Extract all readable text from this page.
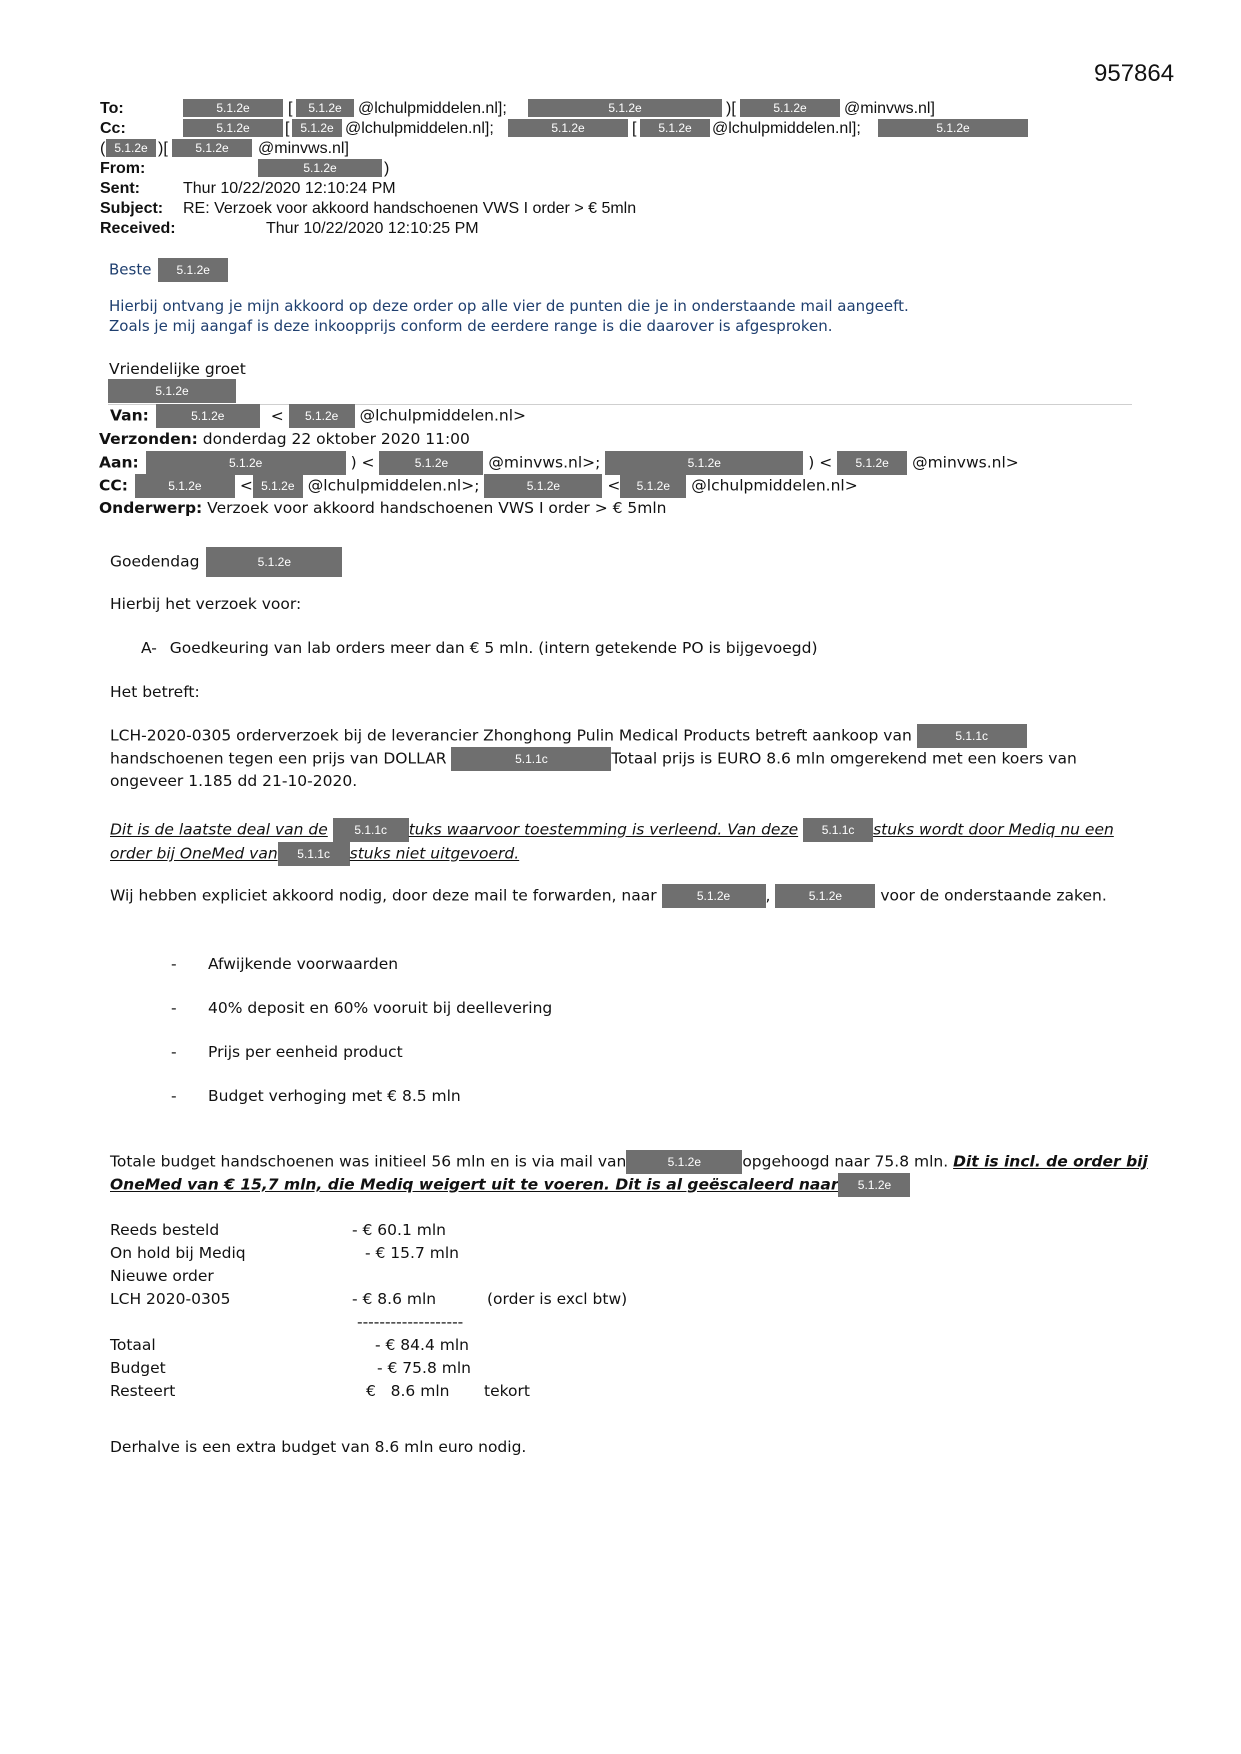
957864
To:	5.1.2e	[	5.1.2e	@lchulpmiddelen.nl];	5.1.2e	)[	5.1.2e	@minvws.nl]
Cc:	5.1.2e	[ 5.1.2e @lchulpmiddelen.nl];	5.1.2e	[	5.1.2e	@lchulpmiddelen.nl];	5.1.2e
( 5.1.2e )[	5.1.2e	@minvws.nl]
From:	5.1.2e	)
Sent:	Thur 10/22/2020 12:10:24 PM
Subject: RE: Verzoek voor akkoord handschoenen VWS I order > € 5mln
Received:	Thur 10/22/2020 12:10:25 PM
Beste 5.1.2e
Hierbij ontvang je mijn akkoord op deze order op alle vier de punten die je in onderstaande mail aangeeft.
Zoals je mij aangaf is deze inkoopprijs conform de eerdere range is die daarover is afgesproken.
Vriendelijke groet
5.1.2e
Van:	5.1.2e	< 5.1.2e @lchulpmiddelen.nl>
Verzonden: donderdag 22 oktober 2020 11:00
Aan:	5.1.2e	) <	5.1.2e	@minvws.nl>;	5.1.2e	) < 5.1.2e @minvws.nl>
CC:	5.1.2e < 5.1.2e @lchulpmiddelen.nl>;	5.1.2e	< 5.1.2e @lchulpmiddelen.nl>
Onderwerp: Verzoek voor akkoord handschoenen VWS I order > € 5mln
Goedendag	5.1.2e
Hierbij het verzoek voor:
A- Goedkeuring van lab orders meer dan € 5 mln. (intern getekende PO is bijgevoegd)
Het betreft:
LCH-2020-0305 orderverzoek bij de leverancier Zhonghong Pulin Medical Products betreft aankoop van	5.1.1c
handschoenen tegen een prijs van DOLLAR	5.1.1c	Totaal prijs is EURO 8.6 mln omgerekend met een koers van
ongeveer 1.185 dd 21-10-2020.
Dit is de laatste deal van de 5.1.1c tuks waarvoor toestemming is verleend. Van deze 5.1.1c stuks wordt door Mediq nu een
order bij OneMed van 5.1.1c stuks niet uitgevoerd.
Wij hebben expliciet akkoord nodig, door deze mail te forwarden, naar	5.1.2e ,	5.1.2e voor de onderstaande zaken.
- Afwijkende voorwaarden
- 40% deposit en 60% vooruit bij deellevering
- Prijs per eenheid product
- Budget verhoging met € 8.5 mln
Totale budget handschoenen was initieel 56 mln en is via mail van	5.1.2e	opgehoogd naar 75.8 mln. Dit is incl. de order bij
OneMed van € 15,7 mln, die Mediq weigert uit te voeren. Dit is al geëscaleerd naar 5.1.2e
Reeds besteld	- € 60.1 mln
On hold bij Mediq	- € 15.7 mln
Nieuwe order
LCH 2020-0305	- € 8.6 mln	(order is excl btw)
-------------------
Totaal	- € 84.4 mln
Budget	- € 75.8 mln
Resteert	€   8.6 mln tekort
Derhalve is een extra budget van 8.6 mln euro nodig.
